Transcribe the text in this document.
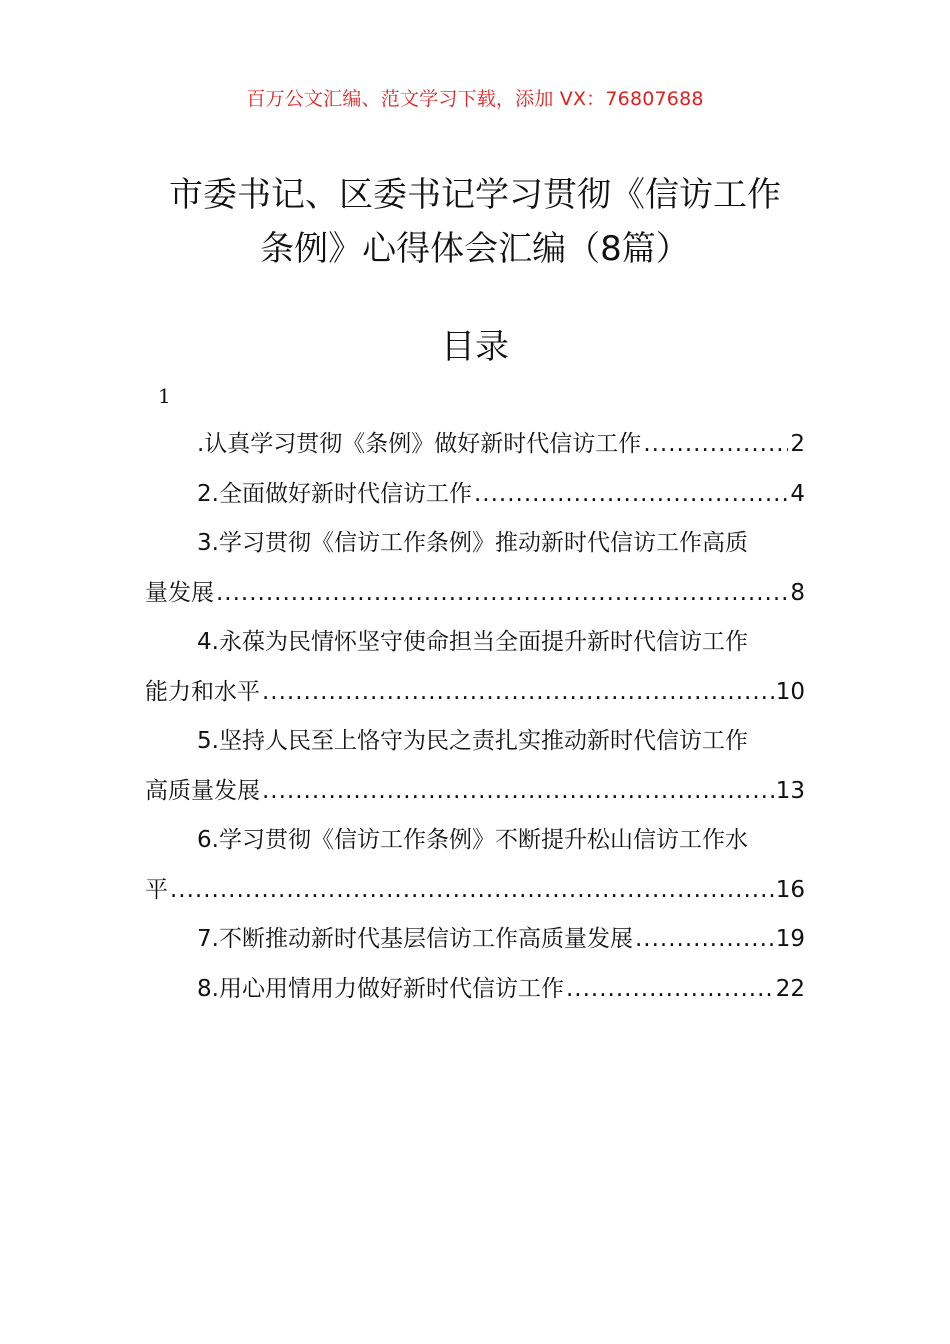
百万公文汇编、范文学习下载，添加 VX：76807688
市委书记、区委书记学习贯彻《信访工作
条例》心得体会汇编（8篇）
目录
1
.认真学习贯彻《条例》做好新时代信访工作 .....	2
2.全面做好新时代信访工作 .....	4
3.学习贯彻《信访工作条例》推动新时代信访工作高质
量发展 .....	8
4.永葆为民情怀坚守使命担当全面提升新时代信访工作
能力和水平 .....	10
5.坚持人民至上恪守为民之责扎实推动新时代信访工作
高质量发展 .....	13
6.学习贯彻《信访工作条例》不断提升松山信访工作水
平 .....	16
7.不断推动新时代基层信访工作高质量发展 .....	19
8.用心用情用力做好新时代信访工作 .....	22
